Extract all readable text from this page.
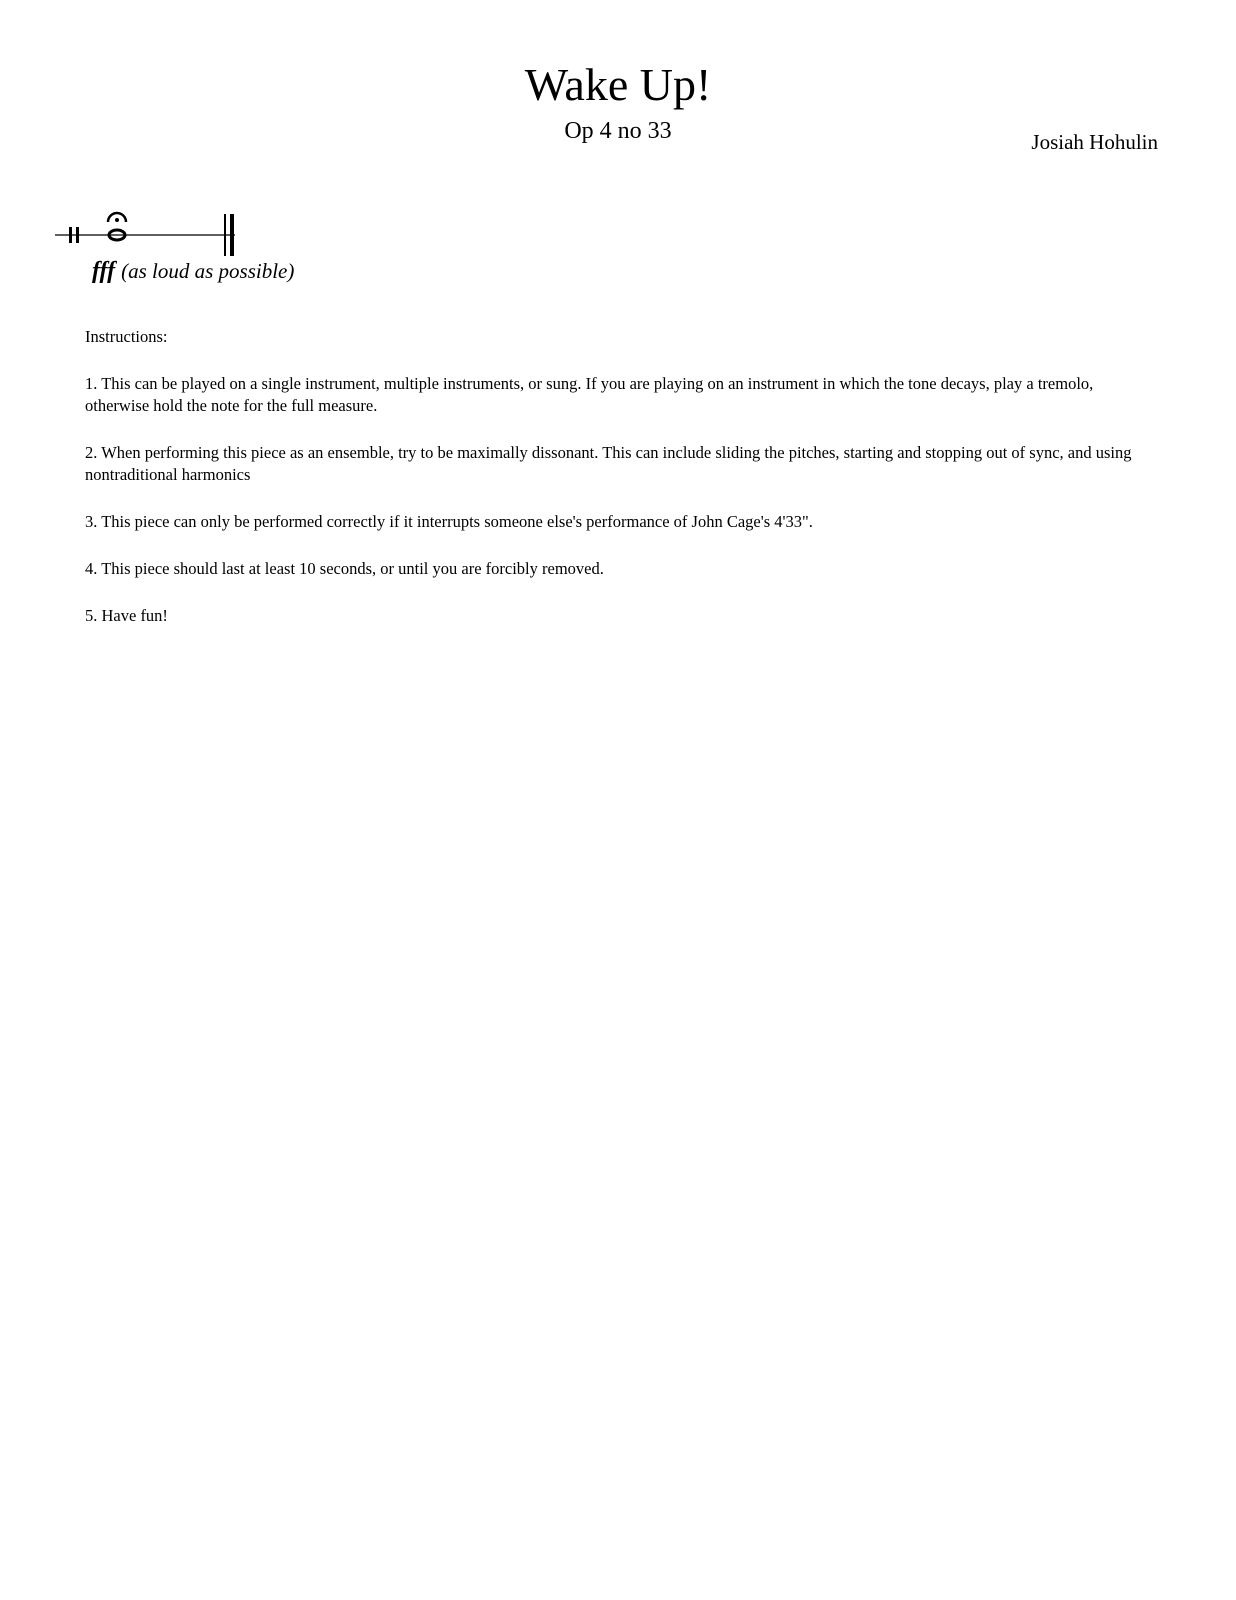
Wake Up!
Op 4 no 33	Josiah Hohulin
fff (as loud as possible)

Instructions:

1. This can be played on a single instrument, multiple instruments, or sung. If you are playing on an instrument in which the tone decays, play a tremolo, otherwise hold the note for the full measure.

2. When performing this piece as an ensemble, try to be maximally dissonant. This can include sliding the pitches, starting and stopping out of sync, and using nontraditional harmonics

3. This piece can only be performed correctly if it interrupts someone else's performance of John Cage's 4'33".

4. This piece should last at least 10 seconds, or until you are forcibly removed.

5. Have fun!
